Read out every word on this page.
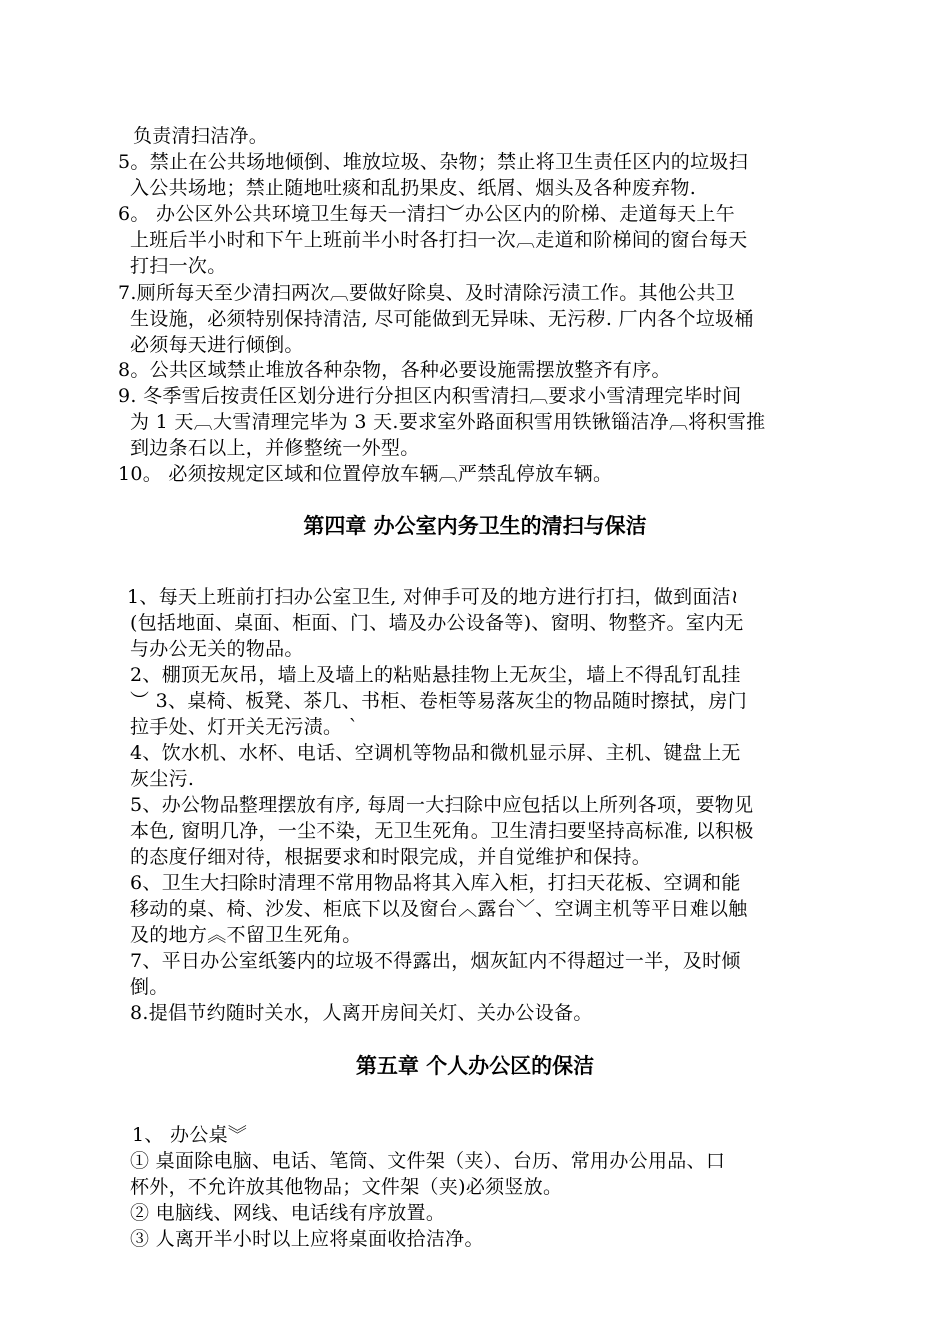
负责清扫洁净。
5。禁止在公共场地倾倒、堆放垃圾、杂物；禁止将卫生责任区内的垃圾扫
入公共场地；禁止随地吐痰和乱扔果皮、纸屑、烟头及各种废弃物.
6。 办公区外公共环境卫生每天一清扫︶办公区内的阶梯、走道每天上午
上班后半小时和下午上班前半小时各打扫一次︹走道和阶梯间的窗台每天
打扫一次。
7.厕所每天至少清扫两次︹要做好除臭、及时清除污渍工作。其他公共卫
生设施，必须特别保持清洁, 尽可能做到无异味、无污秽. 厂内各个垃圾桶
必须每天进行倾倒。
8。公共区域禁止堆放各种杂物，各种必要设施需摆放整齐有序。
9. 冬季雪后按责任区划分进行分担区内积雪清扫︹要求小雪清理完毕时间
为 1 天︹大雪清理完毕为 3 天.要求室外路面积雪用铁锹锱洁净︹将积雪推
到边条石以上，并修整统一外型。
10。 必须按规定区域和位置停放车辆︹严禁乱停放车辆。
第四章 办公室内务卫生的清扫与保洁
1、每天上班前打扫办公室卫生, 对伸手可及的地方进行打扫，做到面洁≀
(包括地面、桌面、柜面、门、墙及办公设备等)、窗明、物整齐。室内无
与办公无关的物品。
2、棚顶无灰吊，墙上及墙上的粘贴悬挂物上无灰尘，墙上不得乱钉乱挂
︶ 3、桌椅、板凳、茶几、书柜、卷柜等易落灰尘的物品随时擦拭，房门
拉手处、灯开关无污渍。 ˋ
4、饮水机、水杯、电话、空调机等物品和微机显示屏、主机、键盘上无
灰尘污.
5、办公物品整理摆放有序, 每周一大扫除中应包括以上所列各项，要物见
本色, 窗明几净，一尘不染，无卫生死角。卫生清扫要坚持高标准, 以积极
的态度仔细对待，根据要求和时限完成，并自觉维护和保持。
6、卫生大扫除时清理不常用物品将其入库入柜，打扫天花板、空调和能
移动的桌、椅、沙发、柜底下以及窗台︿露台﹀、空调主机等平日难以触
及的地方︽不留卫生死角。
7、平日办公室纸篓内的垃圾不得露出，烟灰缸内不得超过一半，及时倾
倒。
8.提倡节约随时关水，人离开房间关灯、关办公设备。
第五章 个人办公区的保洁
1、 办公桌︾
① 桌面除电脑、电话、笔筒、文件架（夹）、台历、常用办公用品、口
杯外，不允许放其他物品；文件架（夹)必须竖放。
② 电脑线、网线、电话线有序放置。
③ 人离开半小时以上应将桌面收拾洁净。
